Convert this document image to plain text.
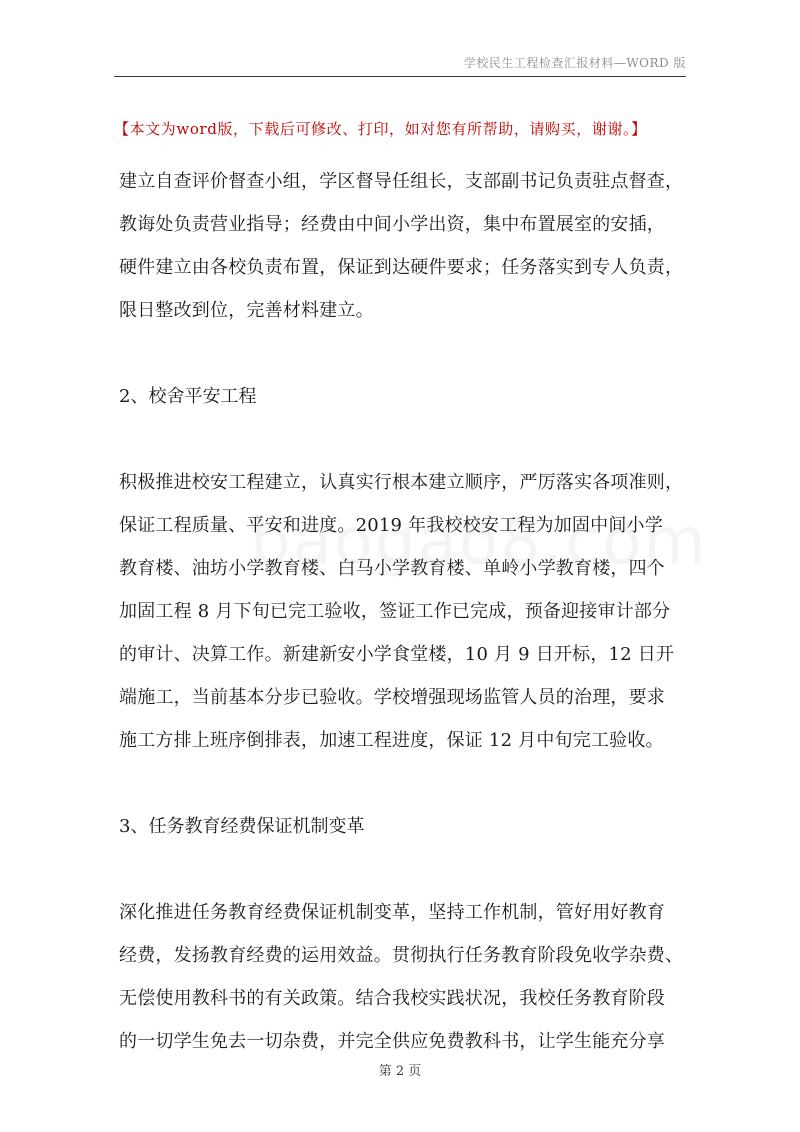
学校民生工程检查汇报材料—WORD 版
【本文为word版，下载后可修改、打印，如对您有所帮助，请购买，谢谢。】

建立自查评价督查小组，学区督导任组长，支部副书记负责驻点督查，

教诲处负责营业指导；经费由中间小学出资，集中布置展室的安插，

硬件建立由各校负责布置，保证到达硬件要求；任务落实到专人负责，

限日整改到位，完善材料建立。

2、校舍平安工程

积极推进校安工程建立，认真实行根本建立顺序，严厉落实各项准则，

保证工程质量、平安和进度。2019 年我校校安工程为加固中间小学

教育楼、油坊小学教育楼、白马小学教育楼、单岭小学教育楼，四个

加固工程 8 月下旬已完工验收，签证工作已完成，预备迎接审计部分

的审计、决算工作。新建新安小学食堂楼，10 月 9 日开标，12 日开

端施工，当前基本分步已验收。学校增强现场监管人员的治理，要求

施工方排上班序倒排表，加速工程进度，保证 12 月中旬完工验收。

3、任务教育经费保证机制变革

深化推进任务教育经费保证机制变革，坚持工作机制，管好用好教育

经费，发扬教育经费的运用效益。贯彻执行任务教育阶段免收学杂费、

无偿使用教科书的有关政策。结合我校实践状况，我校任务教育阶段

的一切学生免去一切杂费，并完全供应免费教科书，让学生能充分享

第 2 页
